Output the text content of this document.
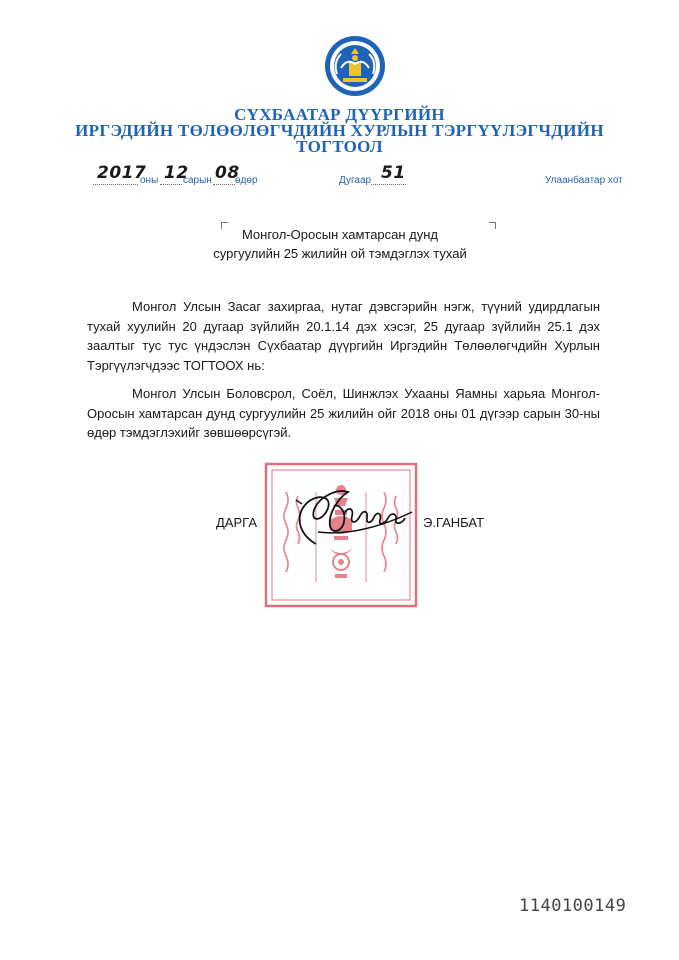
СҮХБААТАР ДҮҮРГИЙН
ИРГЭДИЙН ТӨЛӨӨЛӨГЧДИЙН ХУРЛЫН ТЭРГҮҮЛЭГЧДИЙН
ТОГТООЛ
2017
оны 12
сарын 08
өдөр	Дугаар 51	Улаанбаатар хот
Монгол-Оросын хамтарсан дунд
сургуулийн 25 жилийн ой тэмдэглэх тухай
Монгол Улсын Засаг захиргаа, нутаг дэвсгэрийн нэгж, түүний удирдлагын тухай хуулийн 20 дугаар зүйлийн 20.1.14 дэх хэсэг, 25 дугаар зүйлийн 25.1 дэх заалтыг тус тус үндэслэн Сүхбаатар дүүргийн Иргэдийн Төлөөлөгчдийн Хурлын Тэргүүлэгчдээс ТОГТООХ нь:
Монгол Улсын Боловсрол, Соёл, Шинжлэх Ухааны Яамны харьяа Монгол-Оросын хамтарсан дунд сургуулийн 25 жилийн ойг 2018 оны 01 дүгээр сарын 30-ны өдөр тэмдэглэхийг зөвшөөрсүгэй.
ДАРГА	Э.ГАНБАТ
1140100149
